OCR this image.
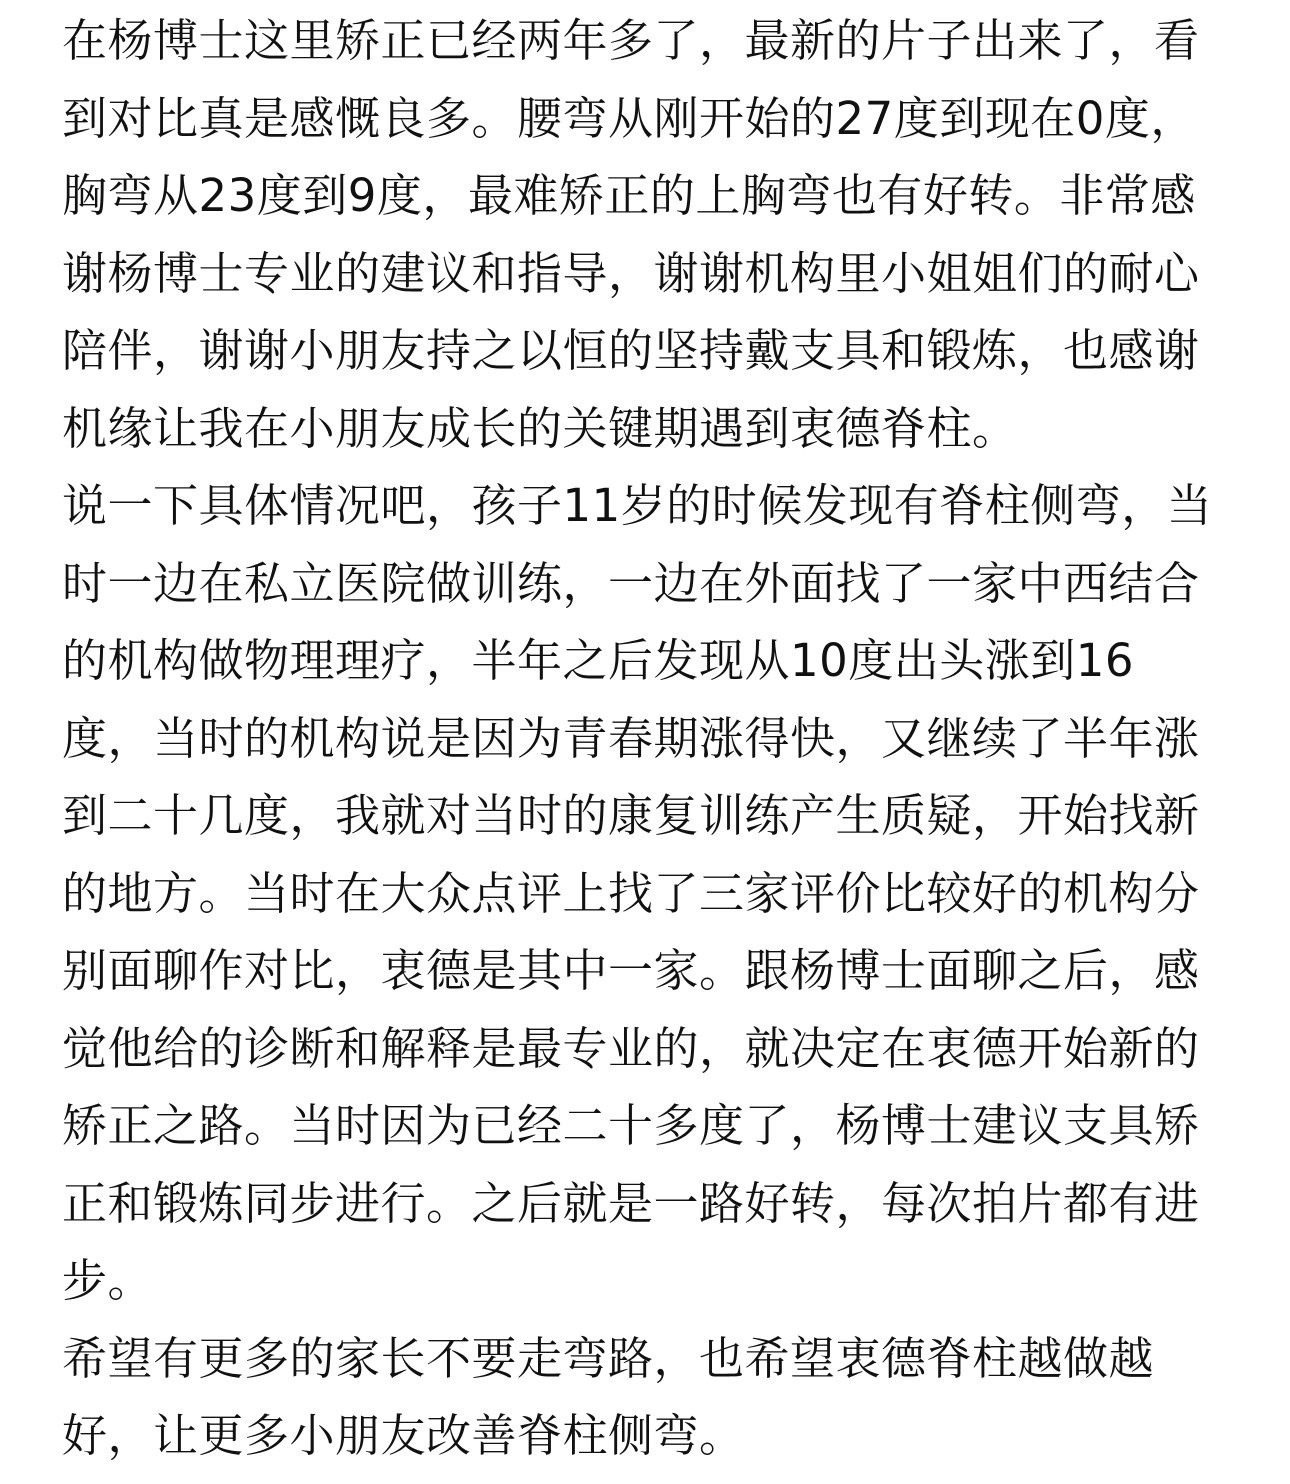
在杨博士这里矫正已经两年多了，最新的片子出来了，看
到对比真是感慨良多。腰弯从刚开始的27度到现在0度，
胸弯从23度到9度，最难矫正的上胸弯也有好转。非常感
谢杨博士专业的建议和指导，谢谢机构里小姐姐们的耐心
陪伴，谢谢小朋友持之以恒的坚持戴支具和锻炼，也感谢
机缘让我在小朋友成长的关键期遇到衷德脊柱。
说一下具体情况吧，孩子11岁的时候发现有脊柱侧弯，当
时一边在私立医院做训练，一边在外面找了一家中西结合
的机构做物理理疗，半年之后发现从10度出头涨到16
度，当时的机构说是因为青春期涨得快，又继续了半年涨
到二十几度，我就对当时的康复训练产生质疑，开始找新
的地方。当时在大众点评上找了三家评价比较好的机构分
别面聊作对比，衷德是其中一家。跟杨博士面聊之后，感
觉他给的诊断和解释是最专业的，就决定在衷德开始新的
矫正之路。当时因为已经二十多度了，杨博士建议支具矫
正和锻炼同步进行。之后就是一路好转，每次拍片都有进
步。
希望有更多的家长不要走弯路，也希望衷德脊柱越做越
好，让更多小朋友改善脊柱侧弯。
